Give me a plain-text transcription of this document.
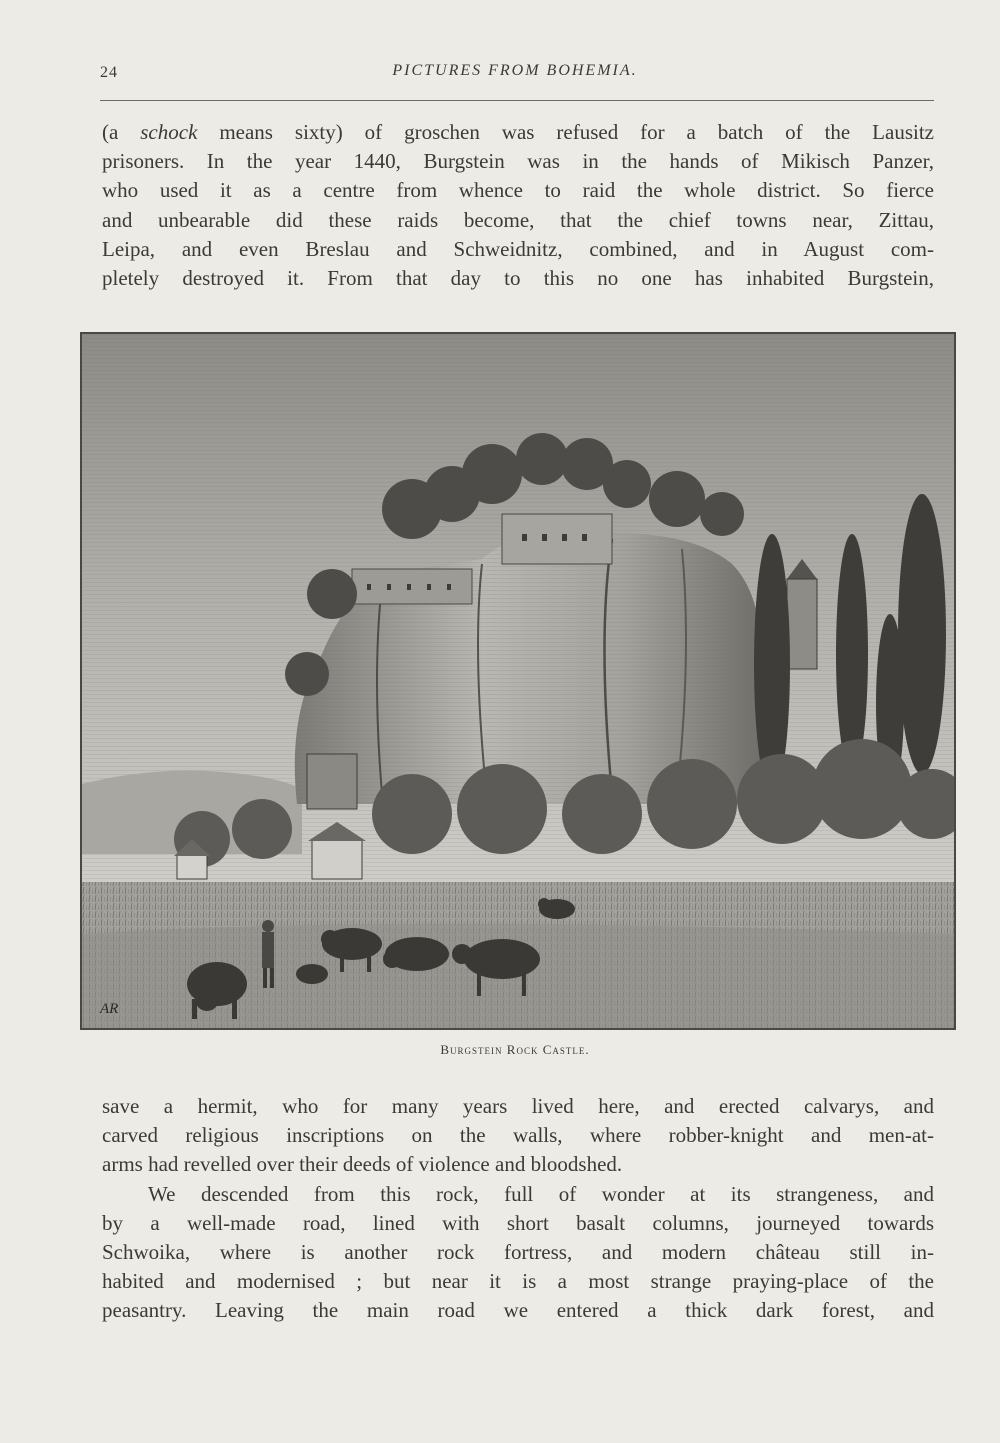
24	PICTURES FROM BOHEMIA.

(a schock means sixty) of groschen was refused for a batch of the Lausitz
prisoners. In the year 1440, Burgstein was in the hands of Mikisch Panzer,
who used it as a centre from whence to raid the whole district. So fierce
and unbearable did these raids become, that the chief towns near, Zittau,
Leipa, and even Breslau and Schweidnitz, combined, and in August com-
pletely destroyed it. From that day to this no one has inhabited Burgstein,

AR
Burgstein Rock Castle.

save a hermit, who for many years lived here, and erected calvarys, and
carved religious inscriptions on the walls, where robber-knight and men-at-
arms had revelled over their deeds of violence and bloodshed.
We descended from this rock, full of wonder at its strangeness, and
by a well-made road, lined with short basalt columns, journeyed towards
Schwoika, where is another rock fortress, and modern château still in-
habited and modernised ; but near it is a most strange praying-place of the
peasantry. Leaving the main road we entered a thick dark forest, and
